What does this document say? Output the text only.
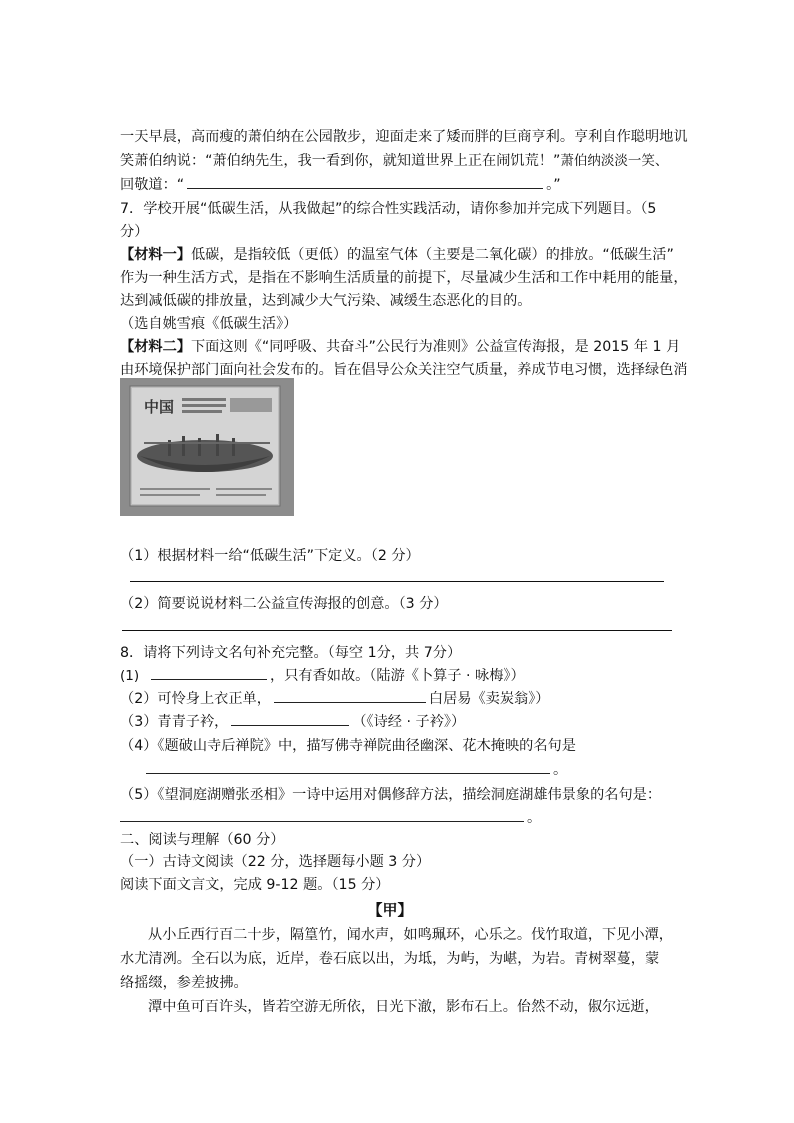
一天早晨，高而瘦的萧伯纳在公园散步，迎面走来了矮而胖的巨商亨利。亨利自作聪明地讥
笑萧伯纳说：“萧伯纳先生，我一看到你，就知道世界上正在闹饥荒！”萧伯纳淡淡一笑、
回敬道：“	。”
7．学校开展“低碳生活，从我做起”的综合性实践活动，请你参加并完成下列题目。（5
分）
【材料一】低碳，是指较低（更低）的温室气体（主要是二氧化碳）的排放。“低碳生活”
作为一种生活方式，是指在不影响生活质量的前提下，尽量减少生活和工作中耗用的能量，
达到减低碳的排放量，达到减少大气污染、减缓生态恶化的目的。
（选自姚雪痕《低碳生活》）
【材料二】下面这则《“同呼吸、共奋斗”公民行为准则》公益宣传海报，是 2015 年 1 月
由环境保护部门面向社会发布的。旨在倡导公众关注空气质量，养成节电习惯，选择绿色消
中国
（1）根据材料一给“低碳生活”下定义。（2 分）
（2）简要说说材料二公益宣传海报的创意。（3 分）
8．请将下列诗文名句补充完整。（每空 1分，共 7分）
(1)	，只有香如故。（陆游《卜算子 · 咏梅》）
（2）可怜身上衣正单，	白居易《卖炭翁》）
（3）青青子衿，	（《诗经 · 子衿》）
（4）《题破山寺后禅院》中，描写佛寺禅院曲径幽深、花木掩映的名句是
。
（5）《望洞庭湖赠张丞相》一诗中运用对偶修辞方法，描绘洞庭湖雄伟景象的名句是：
。
二、阅读与理解（60 分）
（一）古诗文阅读（22 分，选择题每小题 3 分）
阅读下面文言文，完成 9-12 题。（15 分）
【甲】
从小丘西行百二十步，隔篁竹，闻水声，如鸣珮环，心乐之。伐竹取道，下见小潭，
水尤清冽。全石以为底，近岸，卷石底以出，为坻，为屿，为嵁，为岩。青树翠蔓，蒙
络摇缀，参差披拂。
潭中鱼可百许头，皆若空游无所依，日光下澈，影布石上。佁然不动，俶尔远逝，
